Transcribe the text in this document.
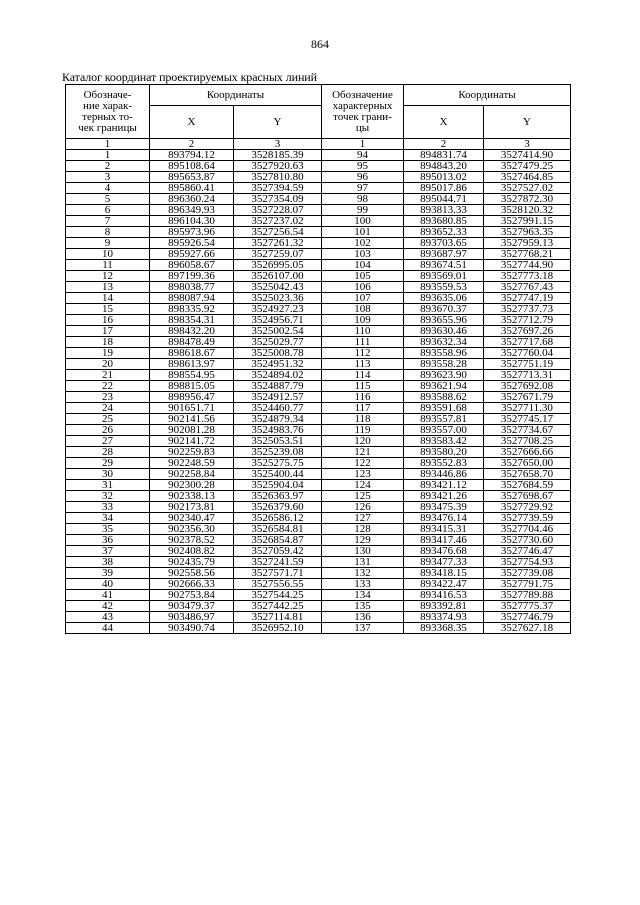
864
Каталог координат проектируемых красных линий
Обозначе-
ние харак-
терных то-
чек границы	Координаты		Обозначение
характерных
точек грани-
цы	Координаты	
	X	Y		X	Y
1	2	3	1	2	3
1	893794.12	3528185.39	94	894831.74	3527414.90
2	895108.64	3527920.63	95	894843.20	3527479.25
3	895653.87	3527810.80	96	895013.02	3527464.85
4	895860.41	3527394.59	97	895017.86	3527527.02
5	896360.24	3527354.09	98	895044.71	3527872.30
6	896349.93	3527228.07	99	893813.33	3528120.32
7	896104.30	3527237.02	100	893680.85	3527991.15
8	895973.96	3527256.54	101	893652.33	3527963.35
9	895926.54	3527261.32	102	893703.65	3527959.13
10	895927.66	3527259.07	103	893687.97	3527768.21
11	896058.67	3526995.05	104	893674.51	3527744.90
12	897199.36	3526107.00	105	893569.01	3527773.18
13	898038.77	3525042.43	106	893559.53	3527767.43
14	898087.94	3525023.36	107	893635.06	3527747.19
15	898335.92	3524927.23	108	893670.37	3527737.73
16	898354.31	3524956.71	109	893655.96	3527712.79
17	898432.20	3525002.54	110	893630.46	3527697.26
18	898478.49	3525029.77	111	893632.34	3527717.68
19	898618.67	3525008.78	112	893558.96	3527760.04
20	898613.97	3524951.32	113	893558.28	3527751.19
21	898554.95	3524894.02	114	893623.90	3527713.31
22	898815.05	3524887.79	115	893621.94	3527692.08
23	898956.47	3524912.57	116	893588.62	3527671.79
24	901651.71	3524460.77	117	893591.68	3527711.30
25	902141.56	3524879.34	118	893557.81	3527745.17
26	902081.28	3524983.76	119	893557.00	3527734.67
27	902141.72	3525053.51	120	893583.42	3527708.25
28	902259.83	3525239.08	121	893580.20	3527666.66
29	902248.59	3525275.75	122	893552.83	3527650.00
30	902258.84	3525400.44	123	893446.86	3527658.70
31	902300.28	3525904.04	124	893421.12	3527684.59
32	902338.13	3526363.97	125	893421.26	3527698.67
33	902173.81	3526379.60	126	893475.39	3527729.92
34	902340.47	3526586.12	127	893476.14	3527739.59
35	902356.30	3526584.81	128	893415.31	3527704.46
36	902378.52	3526854.87	129	893417.46	3527730.60
37	902408.82	3527059.42	130	893476.68	3527746.47
38	902435.79	3527241.59	131	893477.33	3527754.93
39	902558.56	3527571.71	132	893418.15	3527739.08
40	902666.33	3527556.55	133	893422.47	3527791.75
41	902753.84	3527544.25	134	893416.53	3527789.88
42	903479.37	3527442.25	135	893392.81	3527775.37
43	903486.97	3527114.81	136	893374.93	3527746.79
44	903490.74	3526952.10	137	893368.35	3527627.18
